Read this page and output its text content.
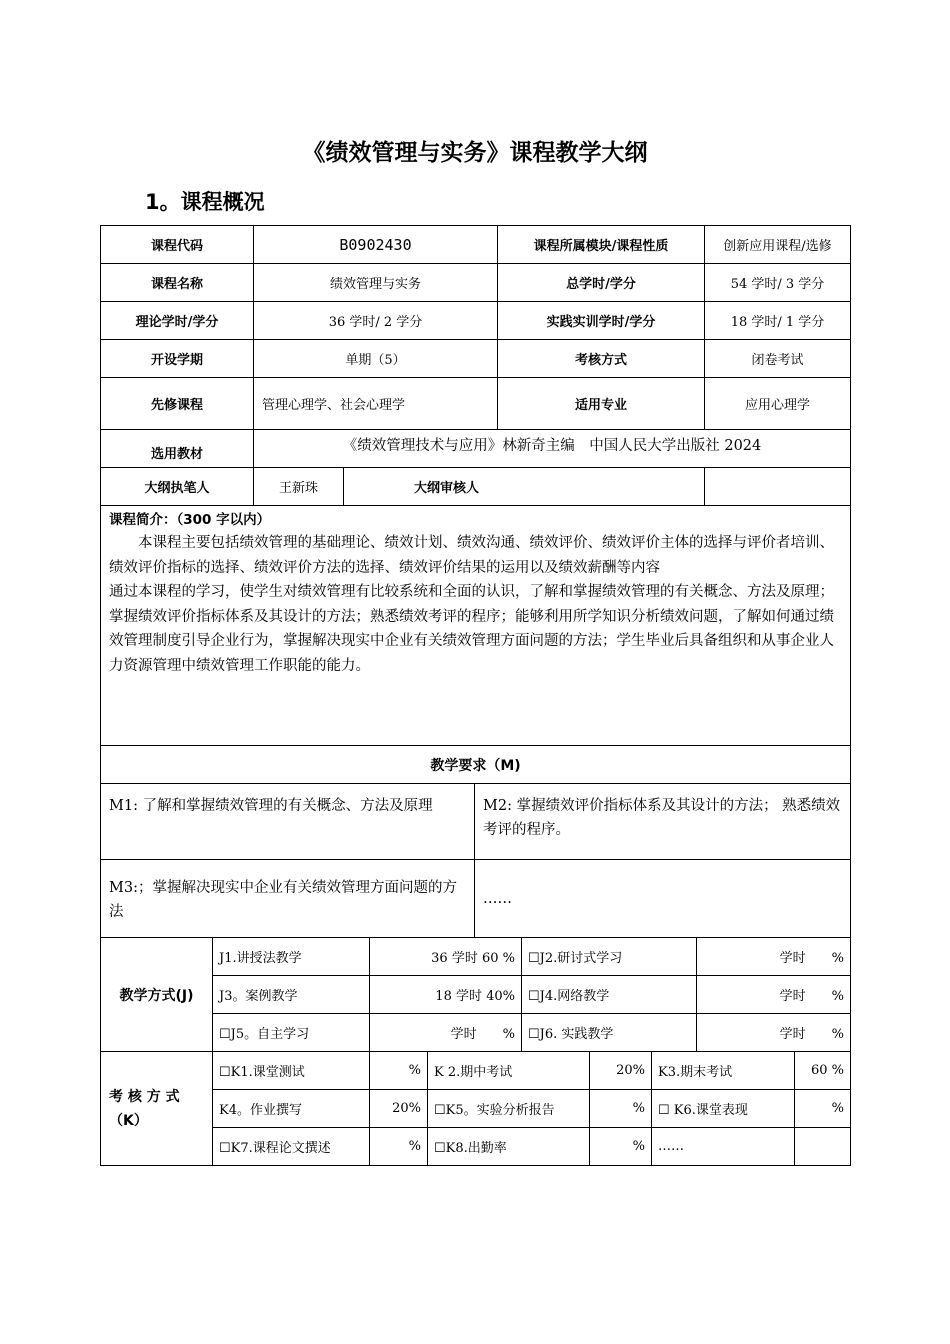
《绩效管理与实务》课程教学大纲
1。课程概况
课程代码	B0902430		课程所属模块/课程性质	创新应用课程/选修
课程名称	绩效管理与实务		总学时/学分	54 学时/ 3 学分
理论学时/学分	36 学时/ 2 学分		实践实训学时/学分	18 学时/ 1 学分
开设学期	单期（5）		考核方式	闭卷考试
先修课程	管理心理学、社会心理学		适用专业	应用心理学
选用教材	《绩效管理技术与应用》林新奇主编　中国人民大学出版社 2024			
大纲执笔人	王新珠	大纲审核人		
课程简介：（300 字以内）
本课程主要包括绩效管理的基础理论、绩效计划、绩效沟通、绩效评价、绩效评价主体的选择与评价者培训、绩效评价指标的选择、绩效评价方法的选择、绩效评价结果的运用以及绩效薪酬等内容
通过本课程的学习，使学生对绩效管理有比较系统和全面的认识，了解和掌握绩效管理的有关概念、方法及原理；掌握绩效评价指标体系及其设计的方法；熟悉绩效考评的程序；能够利用所学知识分析绩效问题，了解如何通过绩效管理制度引导企业行为，掌握解决现实中企业有关绩效管理方面问题的方法；学生毕业后具备组织和从事企业人力资源管理中绩效管理工作职能的能力。	

教学要求（M)	
M1: 了解和掌握绩效管理的有关概念、方法及原理	M2: 掌握绩效评价指标体系及其设计的方法； 熟悉绩效考评的程序。
M3:；掌握解决现实中企业有关绩效管理方面问题的方法	……
教学方式(J)	J1.讲授法教学	36 学时 60 %	☐J2.研讨式学习	学时　　%
	J3。案例教学	18 学时 40%	☐J4.网络教学	学时　　%
	☐J5。自主学习	学时　　%	☐J6. 实践教学	学时　　%
考 核 方 式（K）	☐K1.课堂测试	%	K 2.期中考试	20%	K3.期末考试	60 %
	K4。作业撰写	20%	☐K5。实验分析报告	%	☐ K6.课堂表现	%
	☐K7.课程论文撰述	%	☐K8.出勤率	%	……	
